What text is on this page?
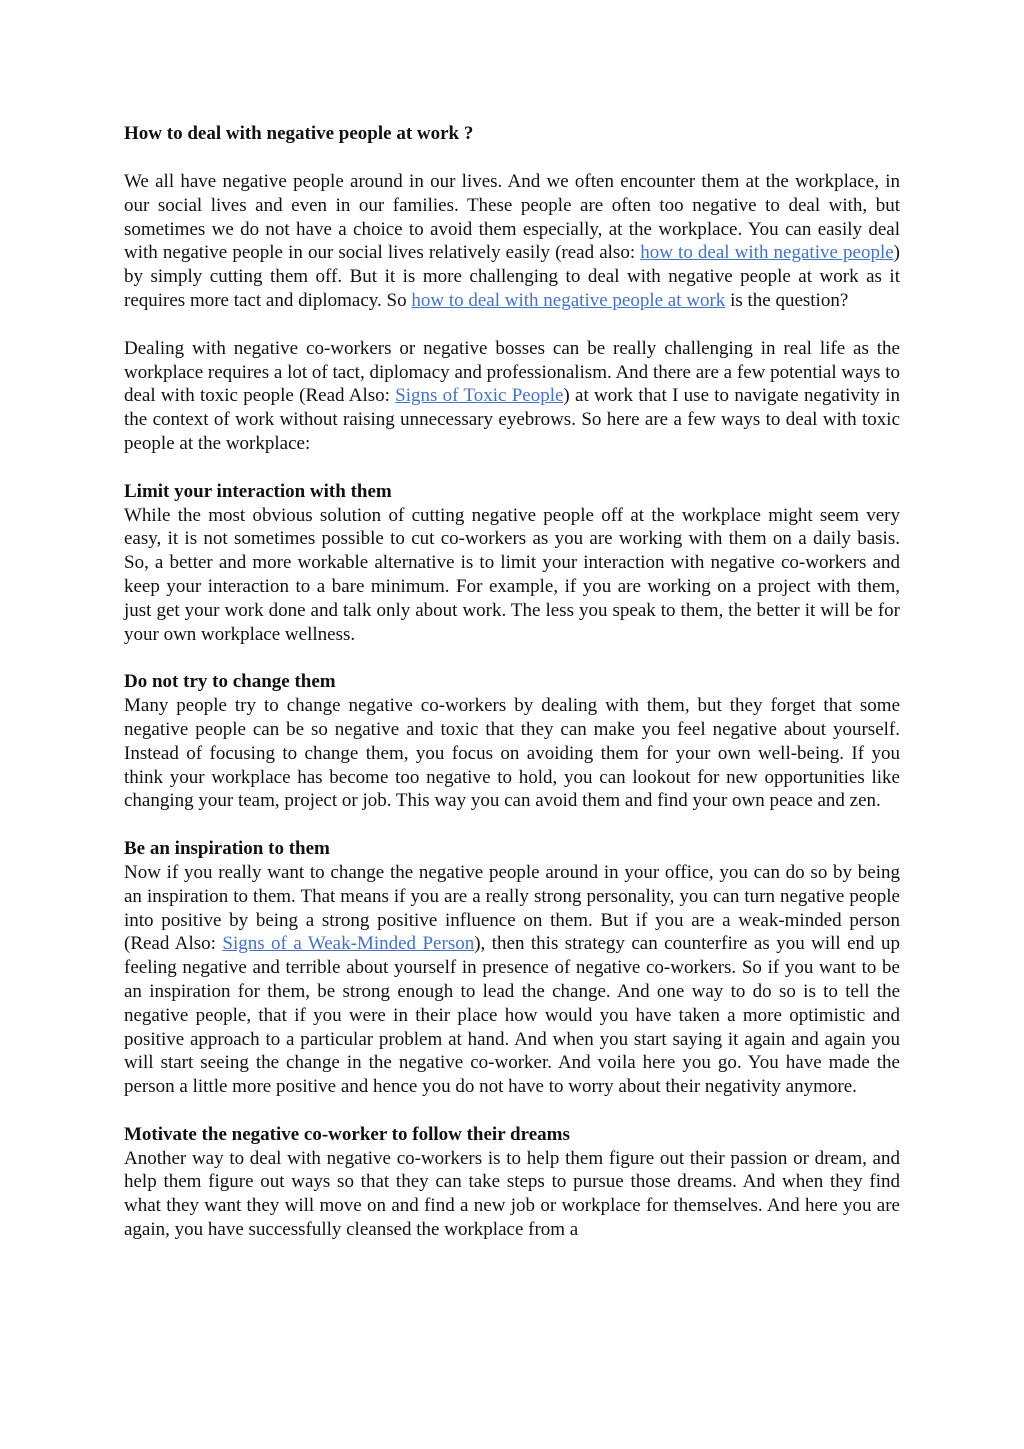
How to deal with negative people at work ?

We all have negative people around in our lives. And we often encounter them at the workplace, in our social lives and even in our families. These people are often too negative to deal with, but sometimes we do not have a choice to avoid them especially, at the workplace. You can easily deal with negative people in our social lives relatively easily (read also: how to deal with negative people) by simply cutting them off. But it is more challenging to deal with negative people at work as it requires more tact and diplomacy. So how to deal with negative people at work is the question?

Dealing with negative co-workers or negative bosses can be really challenging in real life as the workplace requires a lot of tact, diplomacy and professionalism. And there are a few potential ways to deal with toxic people (Read Also: Signs of Toxic People) at work that I use to navigate negativity in the context of work without raising unnecessary eyebrows. So here are a few ways to deal with toxic people at the workplace:

Limit your interaction with them

While the most obvious solution of cutting negative people off at the workplace might seem very easy, it is not sometimes possible to cut co-workers as you are working with them on a daily basis. So, a better and more workable alternative is to limit your interaction with negative co-workers and keep your interaction to a bare minimum. For example, if you are working on a project with them, just get your work done and talk only about work. The less you speak to them, the better it will be for your own workplace wellness.

Do not try to change them

Many people try to change negative co-workers by dealing with them, but they forget that some negative people can be so negative and toxic that they can make you feel negative about yourself. Instead of focusing to change them, you focus on avoiding them for your own well-being. If you think your workplace has become too negative to hold, you can lookout for new opportunities like changing your team, project or job. This way you can avoid them and find your own peace and zen.

Be an inspiration to them

Now if you really want to change the negative people around in your office, you can do so by being an inspiration to them. That means if you are a really strong personality, you can turn negative people into positive by being a strong positive influence on them. But if you are a weak-minded person (Read Also: Signs of a Weak-Minded Person), then this strategy can counterfire as you will end up feeling negative and terrible about yourself in presence of negative co-workers. So if you want to be an inspiration for them, be strong enough to lead the change. And one way to do so is to tell the negative people, that if you were in their place how would you have taken a more optimistic and positive approach to a particular problem at hand. And when you start saying it again and again you will start seeing the change in the negative co-worker. And voila here you go. You have made the person a little more positive and hence you do not have to worry about their negativity anymore.

Motivate the negative co-worker to follow their dreams

Another way to deal with negative co-workers is to help them figure out their passion or dream, and help them figure out ways so that they can take steps to pursue those dreams. And when they find what they want they will move on and find a new job or workplace for themselves. And here you are again, you have successfully cleansed the workplace from a
